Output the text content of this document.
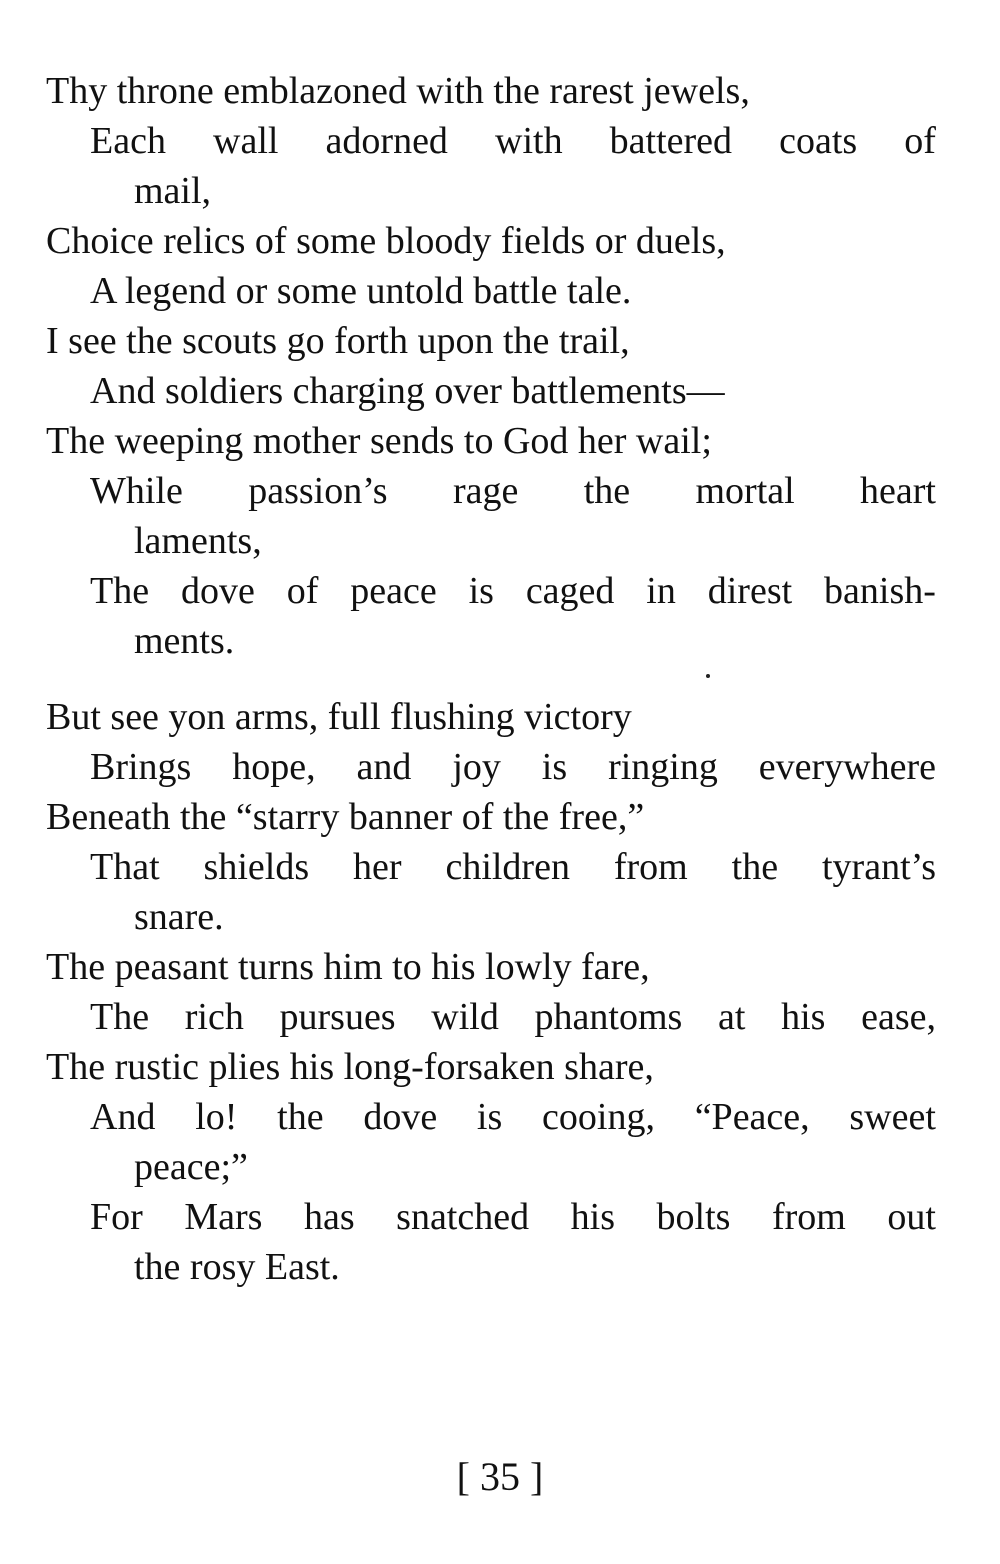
Thy throne emblazoned with the rarest jewels,
Each wall adorned with battered coats of
mail,
Choice relics of some bloody fields or duels,
A legend or some untold battle tale.
I see the scouts go forth upon the trail,
And soldiers charging over battlements—
The weeping mother sends to God her wail;
While passion’s rage the mortal heart
laments,
The dove of peace is caged in direst banish-
ments.
But see yon arms, full flushing victory
Brings hope, and joy is ringing everywhere
Beneath the “starry banner of the free,”
That shields her children from the tyrant’s
snare.
The peasant turns him to his lowly fare,
The rich pursues wild phantoms at his ease,
The rustic plies his long-forsaken share,
And lo! the dove is cooing, “Peace, sweet
peace;”
For Mars has snatched his bolts from out
the rosy East.
[ 35 ]
